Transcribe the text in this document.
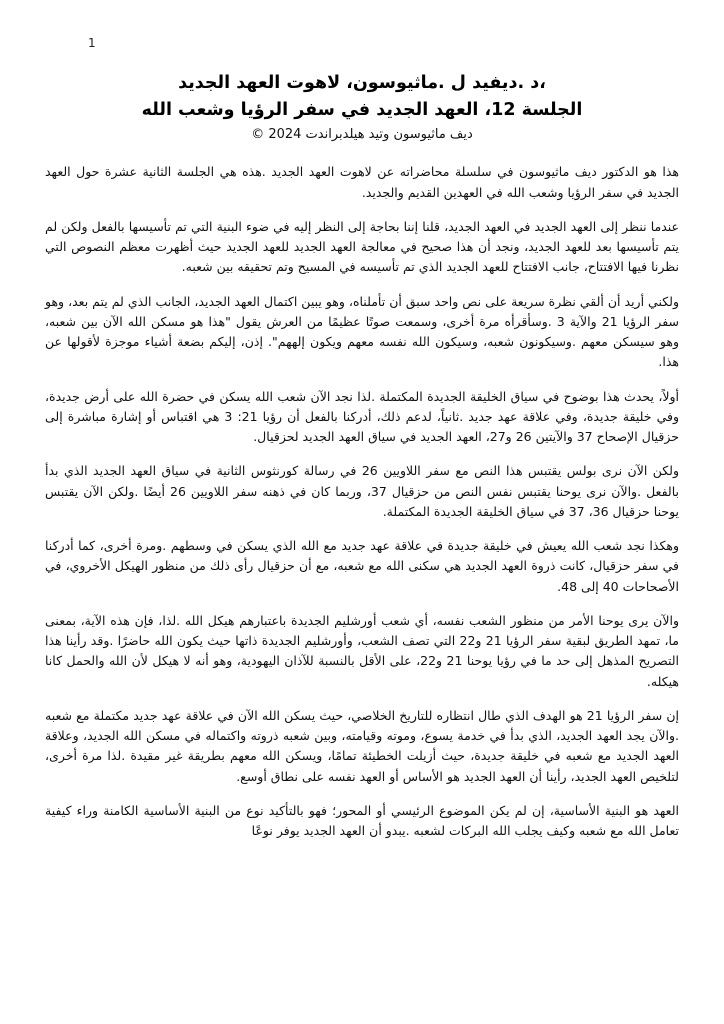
1
،د .ديفيد ل .ماثيوسون، لاهوت العهد الجديد
الجلسة 12، العهد الجديد في سفر الرؤيا وشعب الله
ديف ماثيوسون وتيد هيلدبراندت 2024 ©

هذا هو الدكتور ديف ماثيوسون في سلسلة محاضراته عن لاهوت العهد الجديد .هذه هي الجلسة الثانية عشرة حول العهد الجديد في سفر الرؤيا وشعب الله في العهدين القديم والجديد.

عندما ننظر إلى العهد الجديد في العهد الجديد، قلنا إننا بحاجة إلى النظر إليه في ضوء البنية التي تم تأسيسها بالفعل ولكن لم يتم تأسيسها بعد للعهد الجديد، ونجد أن هذا صحيح في معالجة العهد الجديد للعهد الجديد حيث أظهرت معظم النصوص التي نظرنا فيها الافتتاح، جانب الافتتاح للعهد الجديد الذي تم تأسيسه في المسيح وتم تحقيقه بين شعبه.

ولكني أريد أن ألقي نظرة سريعة على نص واحد سبق أن تأملناه، وهو يبين اكتمال العهد الجديد، الجانب الذي لم يتم بعد، وهو سفر الرؤيا 21 والآية 3 .وسأقرأه مرة أخرى، وسمعت صوتًا عظيمًا من العرش يقول "هذا هو مسكن الله الآن بين شعبه، وهو سيسكن معهم .وسيكونون شعبه، وسيكون الله نفسه معهم ويكون إلههم". إذن، إليكم بضعة أشياء موجزة لأقولها عن هذا.

أولاً، يحدث هذا بوضوح في سياق الخليقة الجديدة المكتملة .لذا نجد الآن شعب الله يسكن في حضرة الله على أرض جديدة، وفي خليقة جديدة، وفي علاقة عهد جديد .ثانياً، لدعم ذلك، أدركنا بالفعل أن رؤيا 21: 3 هي اقتباس أو إشارة مباشرة إلى حزقيال الإصحاح 37 والآيتين 26 و27، العهد الجديد في سياق العهد الجديد لحزقيال.

ولكن الآن نرى بولس يقتبس هذا النص مع سفر اللاويين 26 في رسالة كورنثوس الثانية في سياق العهد الجديد الذي بدأ بالفعل .والآن نرى يوحنا يقتبس نفس النص من حزقيال 37، وربما كان في ذهنه سفر اللاويين 26 أيضًا .ولكن الآن يقتبس يوحنا حزقيال 36، 37 في سياق الخليقة الجديدة المكتملة.

وهكذا نجد شعب الله يعيش في خليقة جديدة في علاقة عهد جديد مع الله الذي يسكن في وسطهم .ومرة أخرى، كما أدركنا في سفر حزقيال، كانت ذروة العهد الجديد هي سكنى الله مع شعبه، مع أن حزقيال رأى ذلك من منظور الهيكل الأخروي، في الأصحاحات 40 إلى 48.

والآن يرى يوحنا الأمر من منظور الشعب نفسه، أي شعب أورشليم الجديدة باعتبارهم هيكل الله .لذا، فإن هذه الآية، بمعنى ما، تمهد الطريق لبقية سفر الرؤيا 21 و22 التي تصف الشعب، وأورشليم الجديدة ذاتها حيث يكون الله حاضرًا .وقد رأينا هذا التصريح المذهل إلى حد ما في رؤيا يوحنا 21 و22، على الأقل بالنسبة للآذان اليهودية، وهو أنه لا هيكل لأن الله والحمل كانا هيكله.

إن سفر الرؤيا 21 هو الهدف الذي طال انتظاره للتاريخ الخلاصي، حيث يسكن الله الآن في علاقة عهد جديد مكتملة مع شعبه .والآن يجد العهد الجديد، الذي بدأ في خدمة يسوع، وموته وقيامته، وبين شعبه ذروته واكتماله في مسكن الله الجديد، وعلاقة العهد الجديد مع شعبه في خليقة جديدة، حيث أزيلت الخطيئة تمامًا، ويسكن الله معهم بطريقة غير مقيدة .لذا مرة أخرى، لتلخيص العهد الجديد، رأينا أن العهد الجديد هو الأساس أو العهد نفسه على نطاق أوسع.

العهد هو البنية الأساسية، إن لم يكن الموضوع الرئيسي أو المحور؛ فهو بالتأكيد نوع من البنية الأساسية الكامنة وراء كيفية تعامل الله مع شعبه وكيف يجلب الله البركات لشعبه .يبدو أن العهد الجديد يوفر نوعًا
